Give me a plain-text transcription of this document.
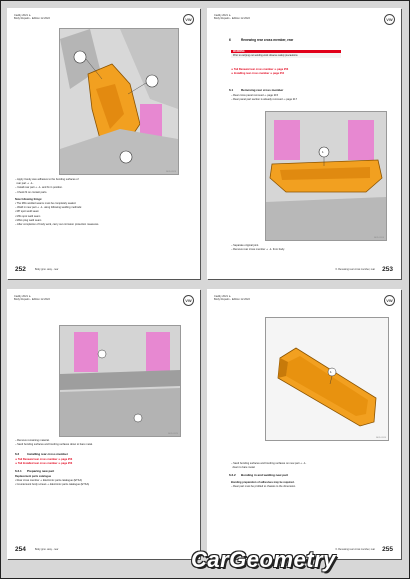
Caddy 2021 ➤
Body Repairs - Edition 12.2022	VW
B0D-0123
– Apply Cavity wax adhesive to the bonding surfaces of
rear part ⇒ -1-.
– Install rear part ⇒ -1- and fix in position.
– Check fit on contact parts.
Note following things:
• The MIG welded seams must be completely sealed.
– Weld in new part ⇒ -1- using following welding methods:
• RP spot weld seam
• MIG spot weld seam
• MAG plug weld seam
– After completion of body work, carry out corrosion protection measures.
252	Body gmo. assy - rear
Caddy 2021 ➤
Body Repairs - Edition 12.2022	VW
6	Renewing rear cross member, rear
WARNING
Prior to carrying out welding work observe safety precautions
⇒ Tail Renewal rear cross member ⇒ page 253
⇒ Installing rear cross member ⇒ page 254
6.1	Removing rear cross member
– Rear cross panel removed ⇒ page 215
– Rear panel part section is already removed ⇒ page 217
1
B0D-0124
– Separate original joint.
– Remove rear cross member ⇒ -1- from body.
6. Renewing rear cross member, rear 253
Caddy 2021 ➤
Body Repairs - Edition 12.2022	VW
B0D-0125
– Remove remaining material.
– Sand bonding surfaces and bonding surfaces down to bare metal.
6.2	Installing rear cross member
⇒ Tail Renewal rear cross member ⇒ page 253
⇒ Tail Installed rear cross member ⇒ page 253
6.2.1 Preparing new part
Replacement parts catalogue
• Rear cross member ⇒ Electronic parts catalogue (ETKA)
• Countersunk body screws ⇒ Electronic parts catalogue (ETKA)
254	Body gmo. assy - rear
Caddy 2021 ➤
Body Repairs - Edition 12.2022	VW
1
B0D-0126
– Sand bonding surfaces and bonding surfaces on new part ⇒ -1-
down to bare metal.
6.2.2 Bonding in and welding new part
Bonding preparation of adhesives may be required.
– Rear part must be profiled to chassis to the dimension.
6. Renewing rear cross member, rear 255
CarGeometry
